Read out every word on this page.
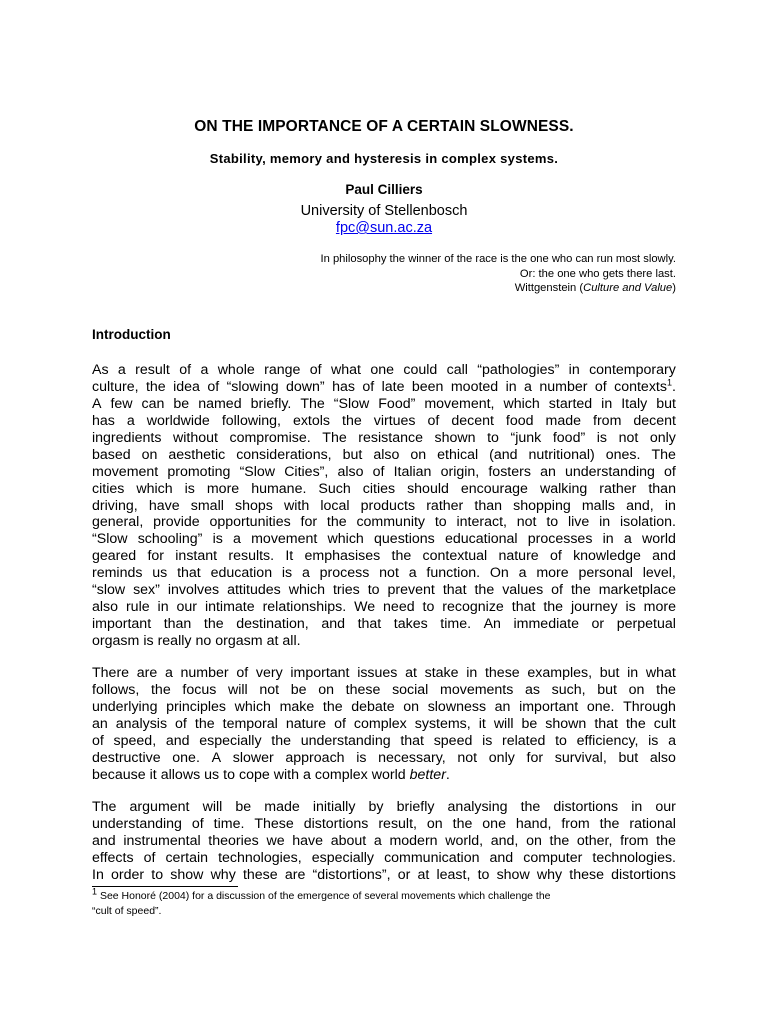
ON THE IMPORTANCE OF A CERTAIN SLOWNESS.
Stability, memory and hysteresis in complex systems.
Paul Cilliers
University of Stellenbosch
fpc@sun.ac.za
In philosophy the winner of the race is the one who can run most slowly.
Or: the one who gets there last.
Wittgenstein (Culture and Value)
Introduction
As a result of a whole range of what one could call “pathologies” in contemporary
culture, the idea of “slowing down” has of late been mooted in a number of contexts$^1$.
A few can be named briefly. The “Slow Food” movement, which started in Italy but
has a worldwide following, extols the virtues of decent food made from decent
ingredients without compromise. The resistance shown to “junk food” is not only
based on aesthetic considerations, but also on ethical (and nutritional) ones. The
movement promoting “Slow Cities”, also of Italian origin, fosters an understanding of
cities which is more humane. Such cities should encourage walking rather than
driving, have small shops with local products rather than shopping malls and, in
general, provide opportunities for the community to interact, not to live in isolation.
“Slow schooling” is a movement which questions educational processes in a world
geared for instant results. It emphasises the contextual nature of knowledge and
reminds us that education is a process not a function. On a more personal level,
“slow sex” involves attitudes which tries to prevent that the values of the marketplace
also rule in our intimate relationships. We need to recognize that the journey is more
important than the destination, and that takes time. An immediate or perpetual
orgasm is really no orgasm at all.
There are a number of very important issues at stake in these examples, but in what
follows, the focus will not be on these social movements as such, but on the
underlying principles which make the debate on slowness an important one. Through
an analysis of the temporal nature of complex systems, it will be shown that the cult
of speed, and especially the understanding that speed is related to efficiency, is a
destructive one. A slower approach is necessary, not only for survival, but also
because it allows us to cope with a complex world better.
The argument will be made initially by briefly analysing the distortions in our
understanding of time. These distortions result, on the one hand, from the rational
and instrumental theories we have about a modern world, and, on the other, from the
effects of certain technologies, especially communication and computer technologies.
In order to show why these are “distortions”, or at least, to show why these distortions
$^1$ See Honoré (2004) for a discussion of the emergence of several movements which challenge the
“cult of speed”.
